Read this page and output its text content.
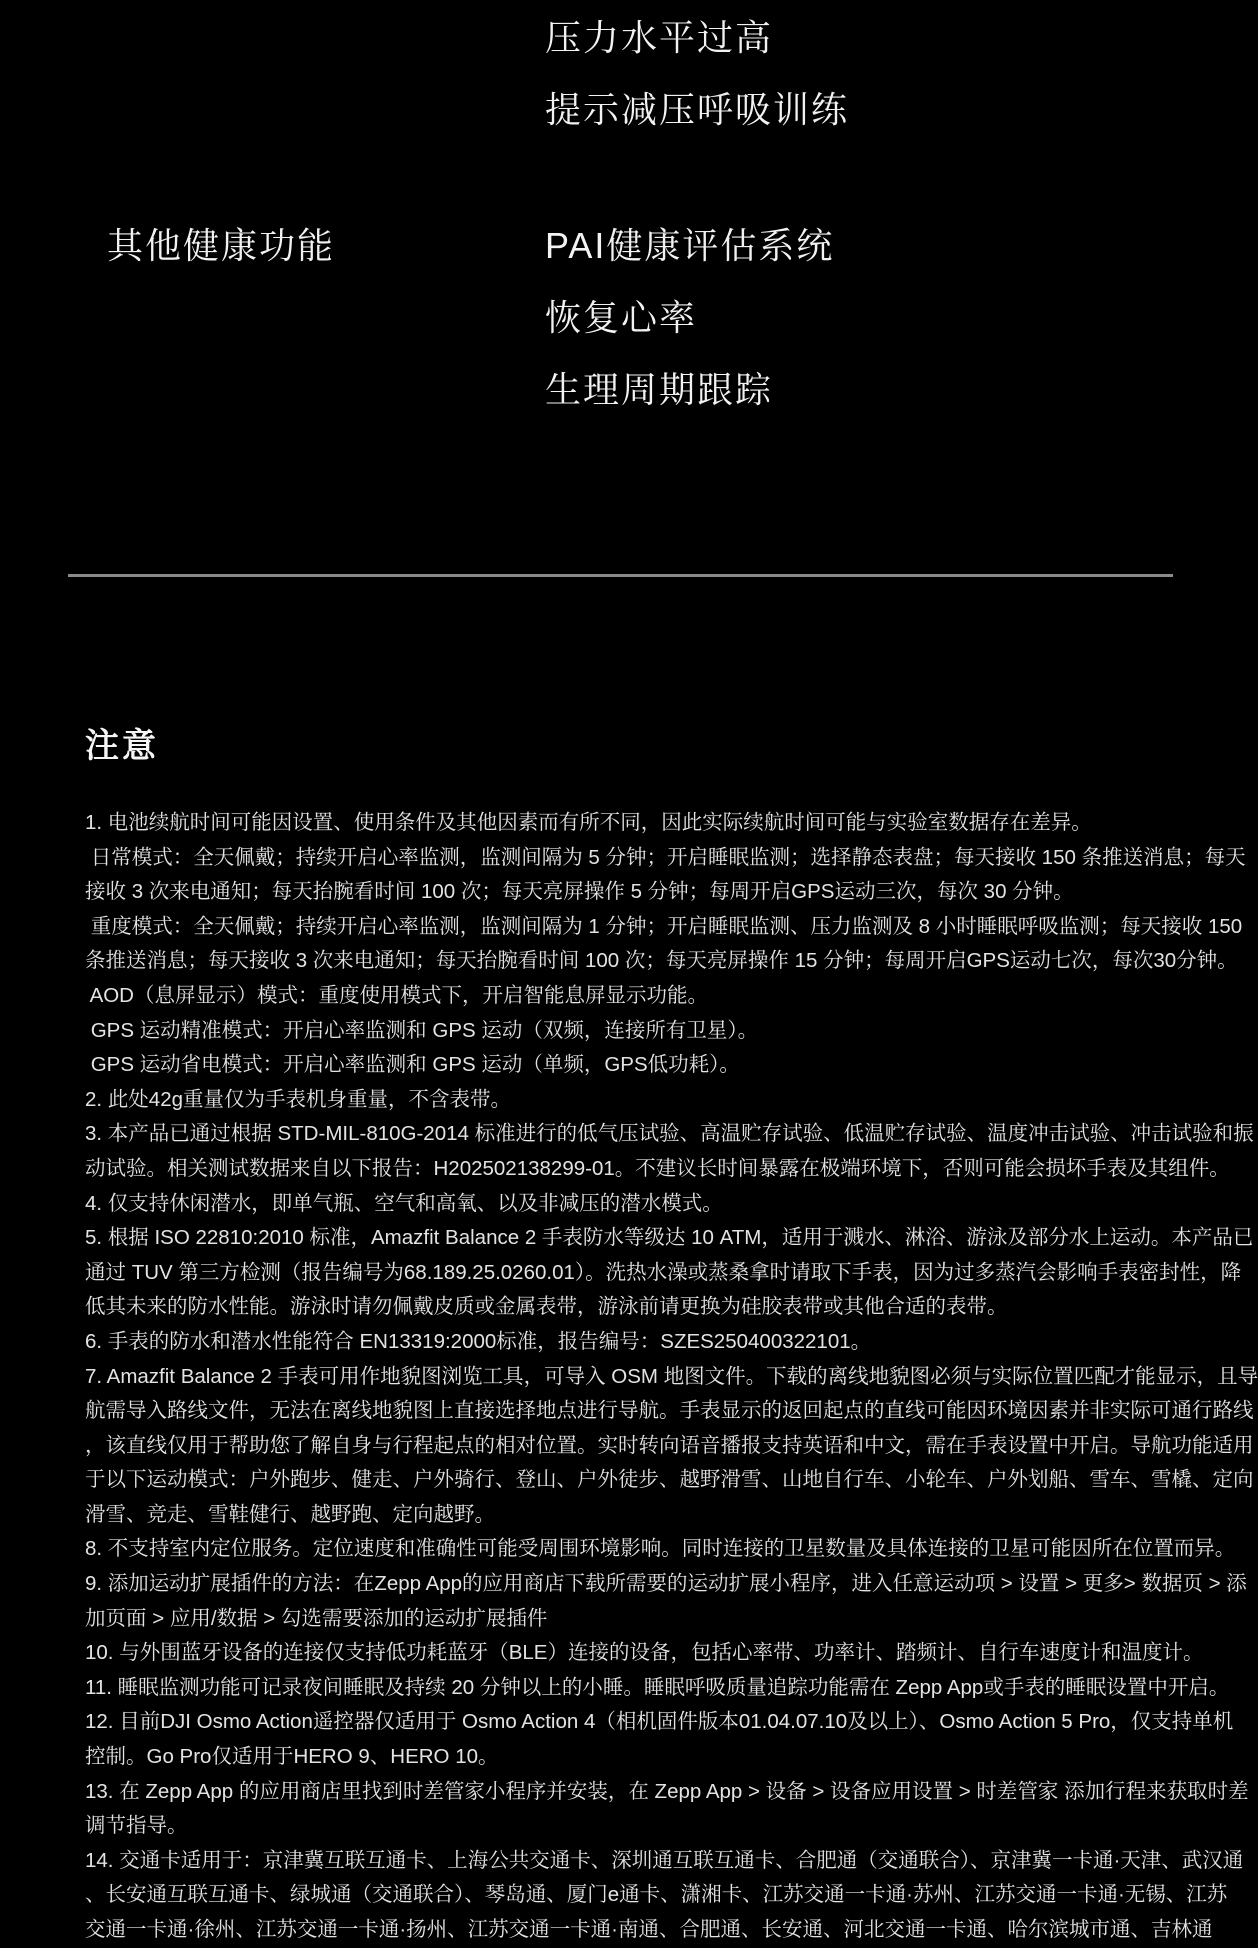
压力水平过高
提示减压呼吸训练
其他健康功能	PAI健康评估系统
恢复心率
生理周期跟踪
注意
1. 电池续航时间可能因设置、使用条件及其他因素而有所不同，因此实际续航时间可能与实验室数据存在差异。
日常模式：全天佩戴；持续开启心率监测，监测间隔为 5 分钟；开启睡眠监测；选择静态表盘；每天接收 150 条推送消息；每天
接收 3 次来电通知；每天抬腕看时间 100 次；每天亮屏操作 5 分钟；每周开启GPS运动三次，每次 30 分钟。
重度模式：全天佩戴；持续开启心率监测，监测间隔为 1 分钟；开启睡眠监测、压力监测及 8 小时睡眠呼吸监测；每天接收 150
条推送消息；每天接收 3 次来电通知；每天抬腕看时间 100 次；每天亮屏操作 15 分钟；每周开启GPS运动七次，每次30分钟。
AOD（息屏显示）模式：重度使用模式下，开启智能息屏显示功能。
GPS 运动精准模式：开启心率监测和 GPS 运动（双频，连接所有卫星）。
GPS 运动省电模式：开启心率监测和 GPS 运动（单频，GPS低功耗）。
2. 此处42g重量仅为手表机身重量，不含表带。
3. 本产品已通过根据 STD-MIL-810G-2014 标准进行的低气压试验、高温贮存试验、低温贮存试验、温度冲击试验、冲击试验和振
动试验。相关测试数据来自以下报告：H202502138299-01。不建议长时间暴露在极端环境下，否则可能会损坏手表及其组件。
4. 仅支持休闲潜水，即单气瓶、空气和高氧、以及非减压的潜水模式。
5. 根据 ISO 22810:2010 标准，Amazfit Balance 2 手表防水等级达 10 ATM，适用于溅水、淋浴、游泳及部分水上运动。本产品已
通过 TUV 第三方检测（报告编号为68.189.25.0260.01）。洗热水澡或蒸桑拿时请取下手表，因为过多蒸汽会影响手表密封性，降
低其未来的防水性能。游泳时请勿佩戴皮质或金属表带，游泳前请更换为硅胶表带或其他合适的表带。
6. 手表的防水和潜水性能符合 EN13319:2000标准，报告编号：SZES250400322101。
7. Amazfit Balance 2 手表可用作地貌图浏览工具，可导入 OSM 地图文件。下载的离线地貌图必须与实际位置匹配才能显示，且导
航需导入路线文件，无法在离线地貌图上直接选择地点进行导航。手表显示的返回起点的直线可能因环境因素并非实际可通行路线
，该直线仅用于帮助您了解自身与行程起点的相对位置。实时转向语音播报支持英语和中文，需在手表设置中开启。导航功能适用
于以下运动模式：户外跑步、健走、户外骑行、登山、户外徒步、越野滑雪、山地自行车、小轮车、户外划船、雪车、雪橇、定向
滑雪、竞走、雪鞋健行、越野跑、定向越野。
8. 不支持室内定位服务。定位速度和准确性可能受周围环境影响。同时连接的卫星数量及具体连接的卫星可能因所在位置而异。
9. 添加运动扩展插件的方法：在Zepp App的应用商店下载所需要的运动扩展小程序，进入任意运动项 > 设置 > 更多> 数据页 > 添
加页面 > 应用/数据 > 勾选需要添加的运动扩展插件
10. 与外围蓝牙设备的连接仅支持低功耗蓝牙（BLE）连接的设备，包括心率带、功率计、踏频计、自行车速度计和温度计。
11. 睡眠监测功能可记录夜间睡眠及持续 20 分钟以上的小睡。睡眠呼吸质量追踪功能需在 Zepp App或手表的睡眠设置中开启。
12. 目前DJI Osmo Action遥控器仅适用于 Osmo Action 4（相机固件版本01.04.07.10及以上）、Osmo Action 5 Pro，仅支持单机
控制。Go Pro仅适用于HERO 9、HERO 10。
13. 在 Zepp App 的应用商店里找到时差管家小程序并安装，在 Zepp App > 设备 > 设备应用设置 > 时差管家 添加行程来获取时差
调节指导。
14. 交通卡适用于：京津冀互联互通卡、上海公共交通卡、深圳通互联互通卡、合肥通（交通联合）、京津冀一卡通·天津、武汉通
、长安通互联互通卡、绿城通（交通联合）、琴岛通、厦门e通卡、潇湘卡、江苏交通一卡通·苏州、江苏交通一卡通·无锡、江苏
交通一卡通·徐州、江苏交通一卡通·扬州、江苏交通一卡通·南通、合肥通、长安通、河北交通一卡通、哈尔滨城市通、吉林通
